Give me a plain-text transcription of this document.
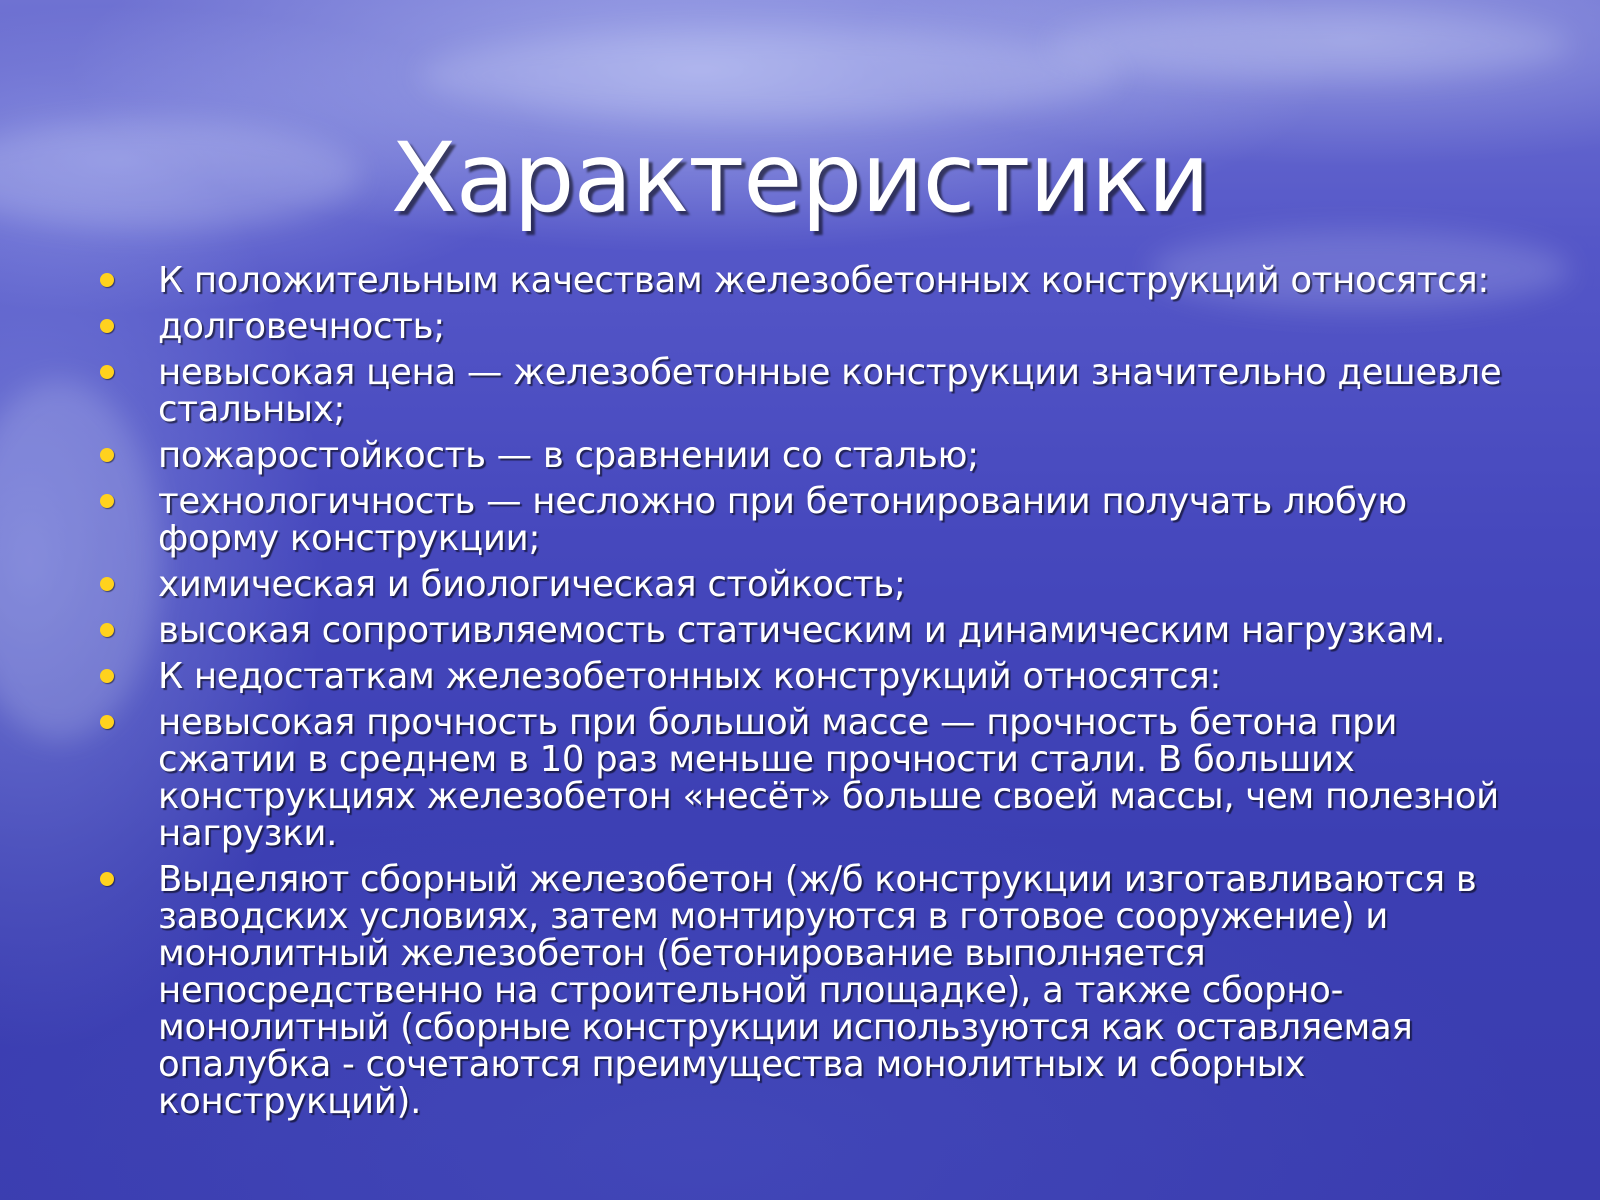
Характеристики
К положительным качествам железобетонных конструкций относятся:
долговечность;
невысокая цена — железобетонные конструкции значительно дешевле стальных;
пожаростойкость — в сравнении со сталью;
технологичность — несложно при бетонировании получать любую форму конструкции;
химическая и биологическая стойкость;
высокая сопротивляемость статическим и динамическим нагрузкам.
К недостаткам железобетонных конструкций относятся:
невысокая прочность при большой массе — прочность бетона при сжатии в среднем в 10 раз меньше прочности стали. В больших конструкциях железобетон «несёт» больше своей массы, чем полезной нагрузки.
Выделяют сборный железобетон (ж/б конструкции изготавливаются в заводских условиях, затем монтируются в готовое сооружение) и монолитный железобетон (бетонирование выполняется непосредственно на строительной площадке), а также сборно-монолитный (сборные конструкции используются как оставляемая опалубка - сочетаются преимущества монолитных и сборных конструкций).
